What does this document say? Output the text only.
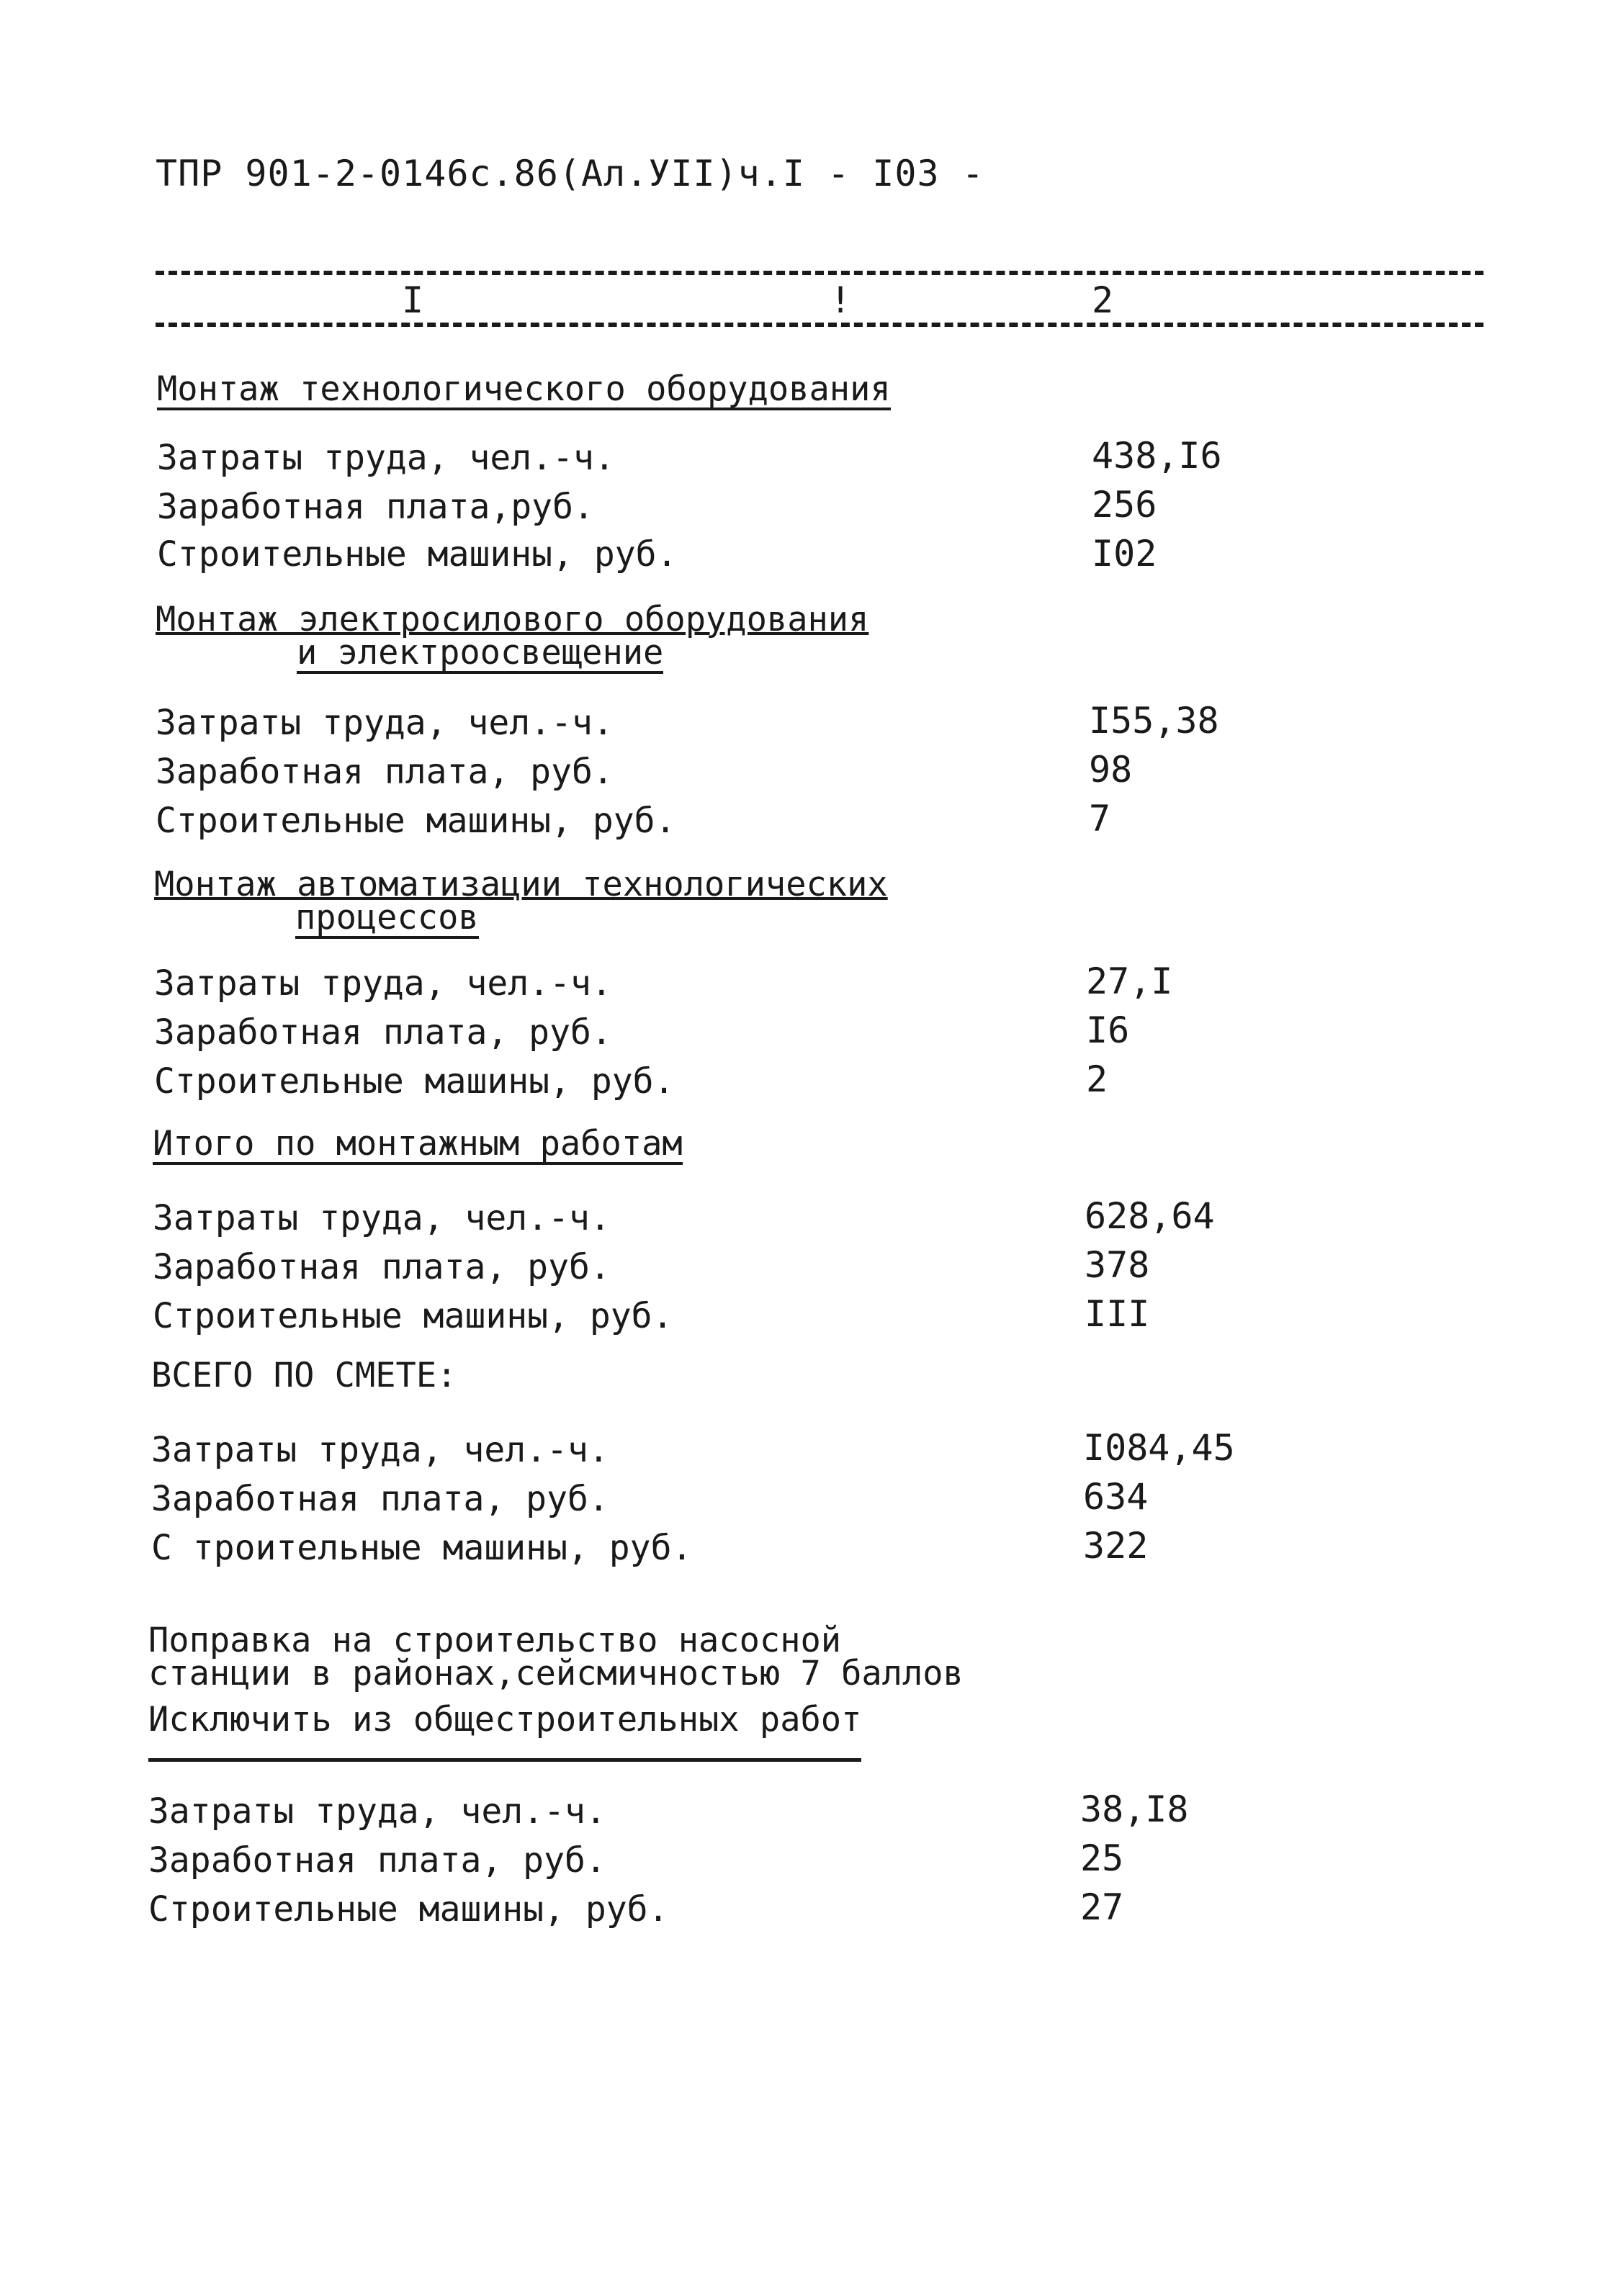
ТПР 901-2-0146с.86(Ал.УII)ч.I - I03 -
I	!	2
Монтаж технологического оборудования
Затраты труда, чел.-ч.	438,I6
Заработная плата,руб.	256
Строительные машины, руб.	I02
Монтаж электросилового оборудования
и электроосвещение
Затраты труда, чел.-ч.	I55,38
Заработная плата, руб.	98
Строительные машины, руб.	7
Монтаж автоматизации технологических
процессов
Затраты труда, чел.-ч.	27,I
Заработная плата, руб.	I6
Строительные машины, руб.	2
Итого по монтажным работам
Затраты труда, чел.-ч.	628,64
Заработная плата, руб.	378
Строительные машины, руб.	III
ВСЕГО ПО СМЕТЕ:
Затраты труда, чел.-ч.	I084,45
Заработная плата, руб.	634
С троительные машины, руб.	322
Поправка на строительство насосной
станции в районах,сейсмичностью 7 баллов
Исключить из общестроительных работ
Затраты труда, чел.-ч.	38,I8
Заработная плата, руб.	25
Строительные машины, руб.	27
